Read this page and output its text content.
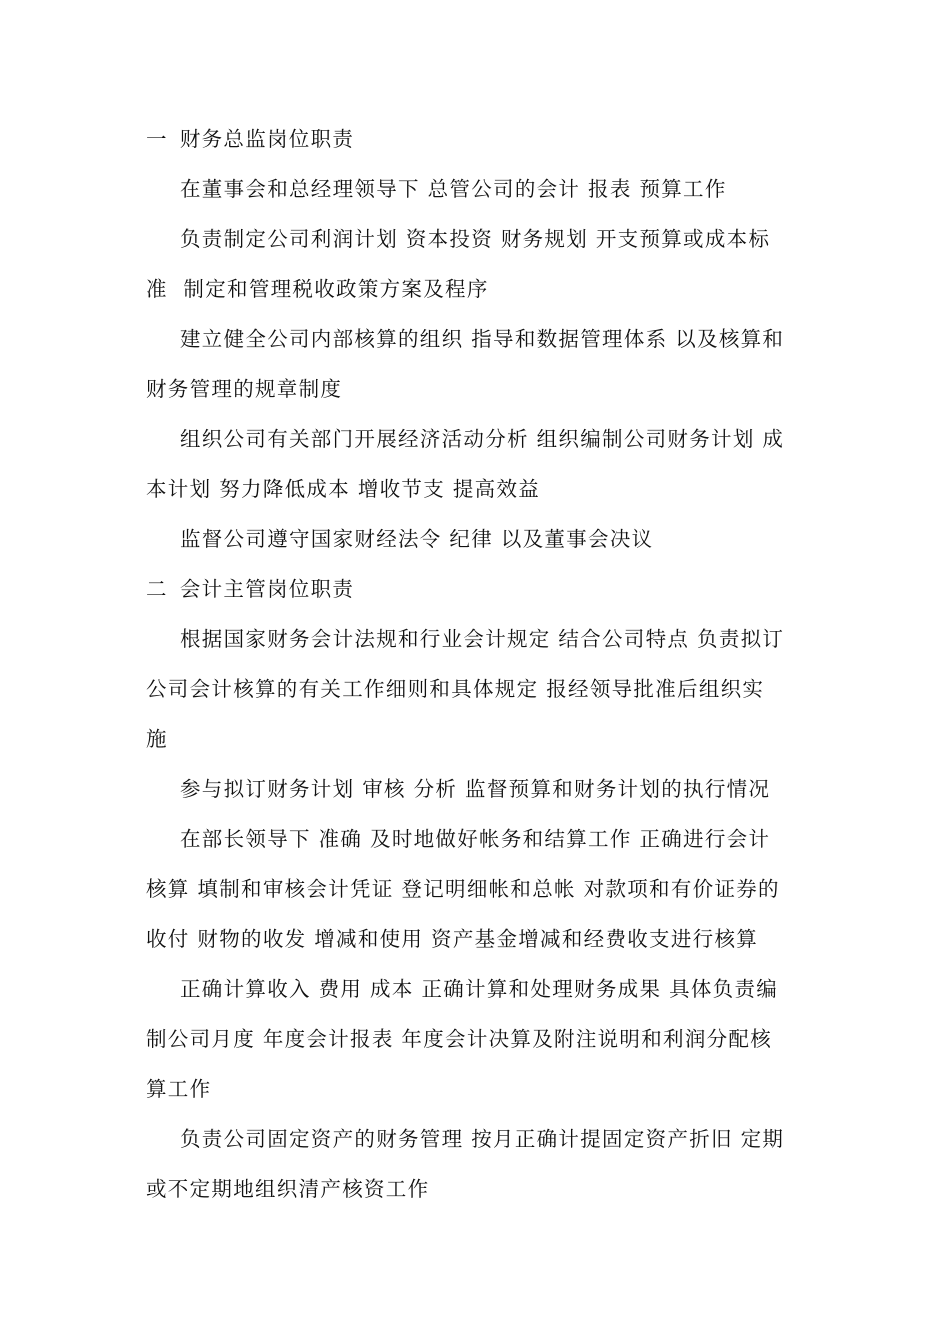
一 财务总监岗位职责
在董事会和总经理领导下 总管公司的会计 报表 预算工作
负责制定公司利润计划 资本投资 财务规划 开支预算或成本标
准  制定和管理税收政策方案及程序
建立健全公司内部核算的组织 指导和数据管理体系 以及核算和
财务管理的规章制度
组织公司有关部门开展经济活动分析 组织编制公司财务计划 成
本计划 努力降低成本 增收节支 提高效益
监督公司遵守国家财经法令 纪律 以及董事会决议
二 会计主管岗位职责
根据国家财务会计法规和行业会计规定 结合公司特点 负责拟订
公司会计核算的有关工作细则和具体规定 报经领导批准后组织实
施
参与拟订财务计划 审核 分析 监督预算和财务计划的执行情况
在部长领导下 准确 及时地做好帐务和结算工作 正确进行会计
核算 填制和审核会计凭证 登记明细帐和总帐 对款项和有价证券的
收付 财物的收发 增减和使用 资产基金增减和经费收支进行核算
正确计算收入 费用 成本 正确计算和处理财务成果 具体负责编
制公司月度 年度会计报表 年度会计决算及附注说明和利润分配核
算工作
负责公司固定资产的财务管理 按月正确计提固定资产折旧 定期
或不定期地组织清产核资工作
